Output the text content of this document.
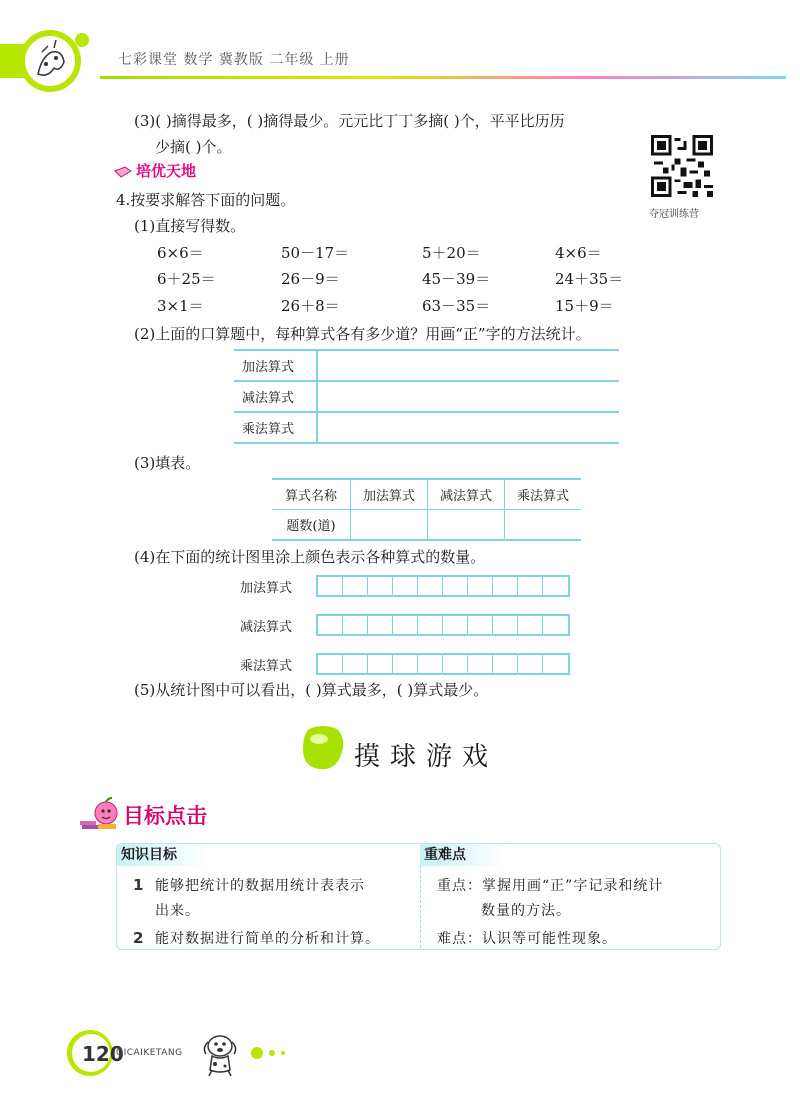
七彩课堂 数学 冀教版 二年级 上册
(3)( )摘得最多，( )摘得最少。元元比丁丁多摘( )个，平平比历历
少摘( )个。
夺冠训练营
培优天地
4.按要求解答下面的问题。
(1)直接写得数。
6×6＝	50－17＝	5＋20＝	4×6＝
6＋25＝	26－9＝	45－39＝	24＋35＝
3×1＝	26＋8＝	63－35＝	15＋9＝
(2)上面的口算题中，每种算式各有多少道？用画“正”字的方法统计。
加法算式	
减法算式	
乘法算式	
(3)填表。
算式名称	加法算式	减法算式	乘法算式
题数(道)			
(4)在下面的统计图里涂上颜色表示各种算式的数量。
加法算式
减法算式
乘法算式
(5)从统计图中可以看出，( )算式最多，( )算式最少。
摸球游戏
目标点击
知识目标	重难点
1 能够把统计的数据用统计表表示
出来。
2 能对数据进行简单的分析和计算。
重点：掌握用画“正”字记录和统计
数量的方法。
难点：认识等可能性现象。
120
QICAIKETANG
